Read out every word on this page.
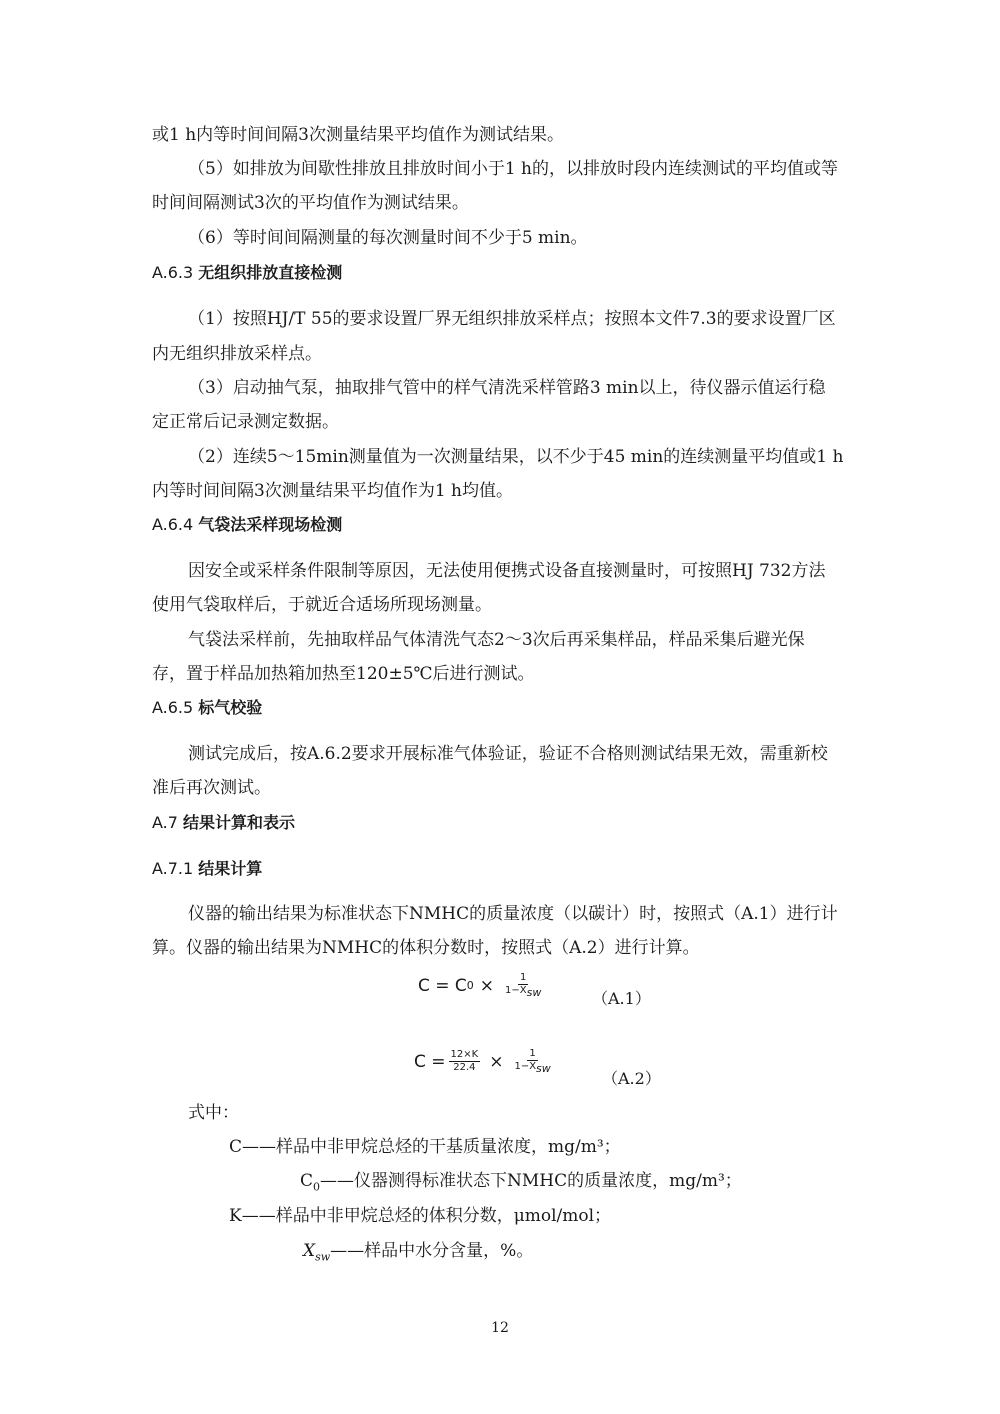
或1 h内等时间间隔3次测量结果平均值作为测试结果。
（5）如排放为间歇性排放且排放时间小于1 h的，以排放时段内连续测试的平均值或等
时间间隔测试3次的平均值作为测试结果。
（6）等时间间隔测量的每次测量时间不少于5 min。
A.6.3 无组织排放直接检测
（1）按照HJ/T 55的要求设置厂界无组织排放采样点；按照本文件7.3的要求设置厂区
内无组织排放采样点。
（3）启动抽气泵，抽取排气管中的样气清洗采样管路3 min以上，待仪器示值运行稳
定正常后记录测定数据。
（2）连续5～15min测量值为一次测量结果，以不少于45 min的连续测量平均值或1 h
内等时间间隔3次测量结果平均值作为1 h均值。
A.6.4 气袋法采样现场检测
因安全或采样条件限制等原因，无法使用便携式设备直接测量时，可按照HJ 732方法
使用气袋取样后，于就近合适场所现场测量。
气袋法采样前，先抽取样品气体清洗气态2～3次后再采集样品，样品采集后避光保
存，置于样品加热箱加热至120±5℃后进行测试。
A.6.5 标气校验
测试完成后，按A.6.2要求开展标准气体验证，验证不合格则测试结果无效，需重新校
准后再次测试。
A.7 结果计算和表示
A.7.1 结果计算
仪器的输出结果为标准状态下NMHC的质量浓度（以碳计）时，按照式（A.1）进行计
算。仪器的输出结果为NMHC的体积分数时，按照式（A.2）进行计算。
C = C $0 \times \frac{1}{1-X_{sw}}$	（A.1）
$C = \frac{12\times K}{22.4} \times \frac{1}{1-X_{sw}}$
（A.2）
式中：
C——样品中非甲烷总烃的干基质量浓度，mg/m³；
$C_0——$仪器测得标准状态下NMHC的质量浓度，mg/m³；
K——样品中非甲烷总烃的体积分数，μmol/mol；
$X_{sw}——$样品中水分含量，%。
12
